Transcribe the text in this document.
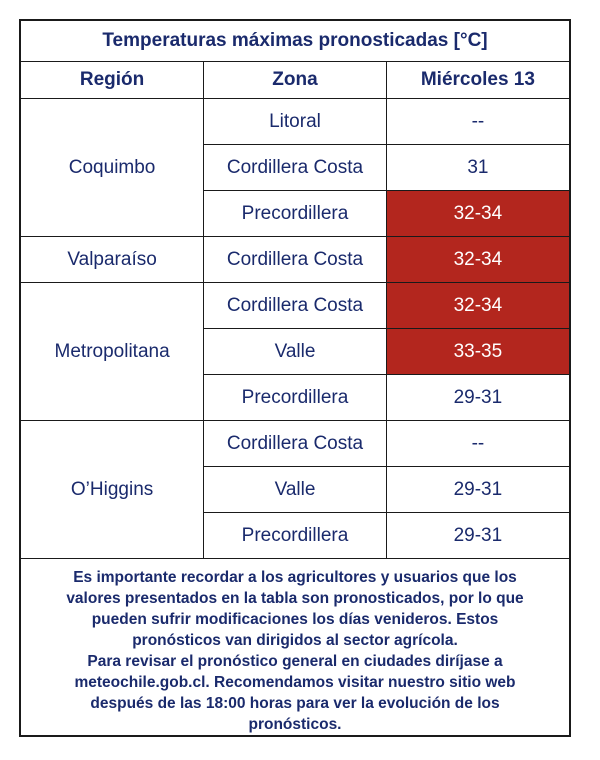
Temperaturas máximas pronosticadas [°C]		
Región	Zona	Miércoles 13
Coquimbo	Litoral	--
	Cordillera Costa	31
	Precordillera	32-34
Valparaíso	Cordillera Costa	32-34
Metropolitana	Cordillera Costa	32-34
	Valle	33-35
	Precordillera	29-31
O’Higgins	Cordillera Costa	--
	Valle	29-31
	Precordillera	29-31
Es importante recordar a los agricultores y usuarios que los
valores presentados en la tabla son pronosticados, por lo que
pueden sufrir modificaciones los días venideros. Estos
pronósticos van dirigidos al sector agrícola.
Para revisar el pronóstico general en ciudades diríjase a
meteochile.gob.cl. Recomendamos visitar nuestro sitio web
después de las 18:00 horas para ver la evolución de los
pronósticos.
